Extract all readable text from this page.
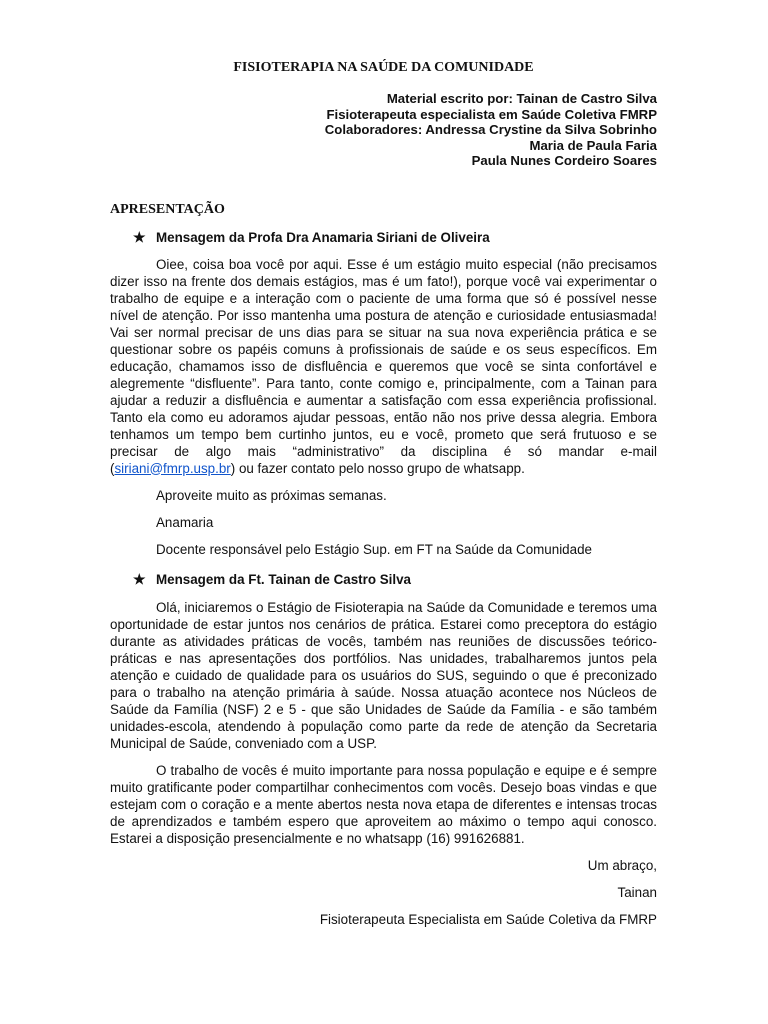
FISIOTERAPIA NA SAÚDE DA COMUNIDADE
Material escrito por: Tainan de Castro Silva
Fisioterapeuta especialista em Saúde Coletiva FMRP
Colaboradores: Andressa Crystine da Silva Sobrinho
Maria de Paula Faria
Paula Nunes Cordeiro Soares
APRESENTAÇÃO
★ Mensagem da Profa Dra Anamaria Siriani de Oliveira

Oiee, coisa boa você por aqui. Esse é um estágio muito especial (não precisamos dizer isso na frente dos demais estágios, mas é um fato!), porque você vai experimentar o trabalho de equipe e a interação com o paciente de uma forma que só é possível nesse nível de atenção. Por isso mantenha uma postura de atenção e curiosidade entusiasmada! Vai ser normal precisar de uns dias para se situar na sua nova experiência prática e se questionar sobre os papéis comuns à profissionais de saúde e os seus específicos. Em educação, chamamos isso de disfluência e queremos que você se sinta confortável e alegremente “disfluente”. Para tanto, conte comigo e, principalmente, com a Tainan para ajudar a reduzir a disfluência e aumentar a satisfação com essa experiência profissional. Tanto ela como eu adoramos ajudar pessoas, então não nos prive dessa alegria. Embora tenhamos um tempo bem curtinho juntos, eu e você, prometo que será frutuoso e se precisar de algo mais “administrativo” da disciplina é só mandar e-mail (siriani@fmrp.usp.br) ou fazer contato pelo nosso grupo de whatsapp.

Aproveite muito as próximas semanas.

Anamaria

Docente responsável pelo Estágio Sup. em FT na Saúde da Comunidade

★ Mensagem da Ft. Tainan de Castro Silva

Olá, iniciaremos o Estágio de Fisioterapia na Saúde da Comunidade e teremos uma oportunidade de estar juntos nos cenários de prática. Estarei como preceptora do estágio durante as atividades práticas de vocês, também nas reuniões de discussões teórico-práticas e nas apresentações dos portfólios. Nas unidades, trabalharemos juntos pela atenção e cuidado de qualidade para os usuários do SUS, seguindo o que é preconizado para o trabalho na atenção primária à saúde. Nossa atuação acontece nos Núcleos de Saúde da Família (NSF) 2 e 5 - que são Unidades de Saúde da Família - e são também unidades-escola, atendendo à população como parte da rede de atenção da Secretaria Municipal de Saúde, conveniado com a USP.

O trabalho de vocês é muito importante para nossa população e equipe e é sempre muito gratificante poder compartilhar conhecimentos com vocês. Desejo boas vindas e que estejam com o coração e a mente abertos nesta nova etapa de diferentes e intensas trocas de aprendizados e também espero que aproveitem ao máximo o tempo aqui conosco. Estarei a disposição presencialmente e no whatsapp (16) 991626881.

Um abraço,

Tainan

Fisioterapeuta Especialista em Saúde Coletiva da FMRP
